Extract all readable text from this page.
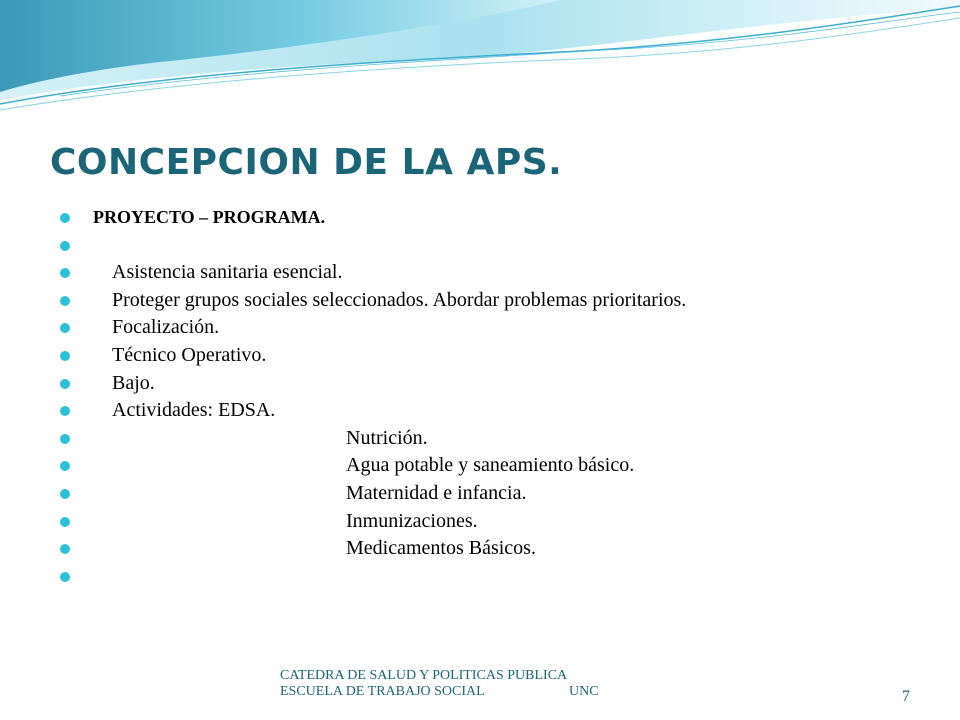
CONCEPCION DE LA APS.
PROYECTO – PROGRAMA.
Asistencia sanitaria esencial.
Proteger grupos sociales seleccionados. Abordar problemas prioritarios.
Focalización.
Técnico Operativo.
Bajo.
Actividades: EDSA.
Nutrición.
Agua potable y saneamiento básico.
Maternidad e infancia.
Inmunizaciones.
Medicamentos Básicos.
CATEDRA DE SALUD Y POLITICAS PUBLICA
ESCUELA DE TRABAJO SOCIAL	UNC	7
